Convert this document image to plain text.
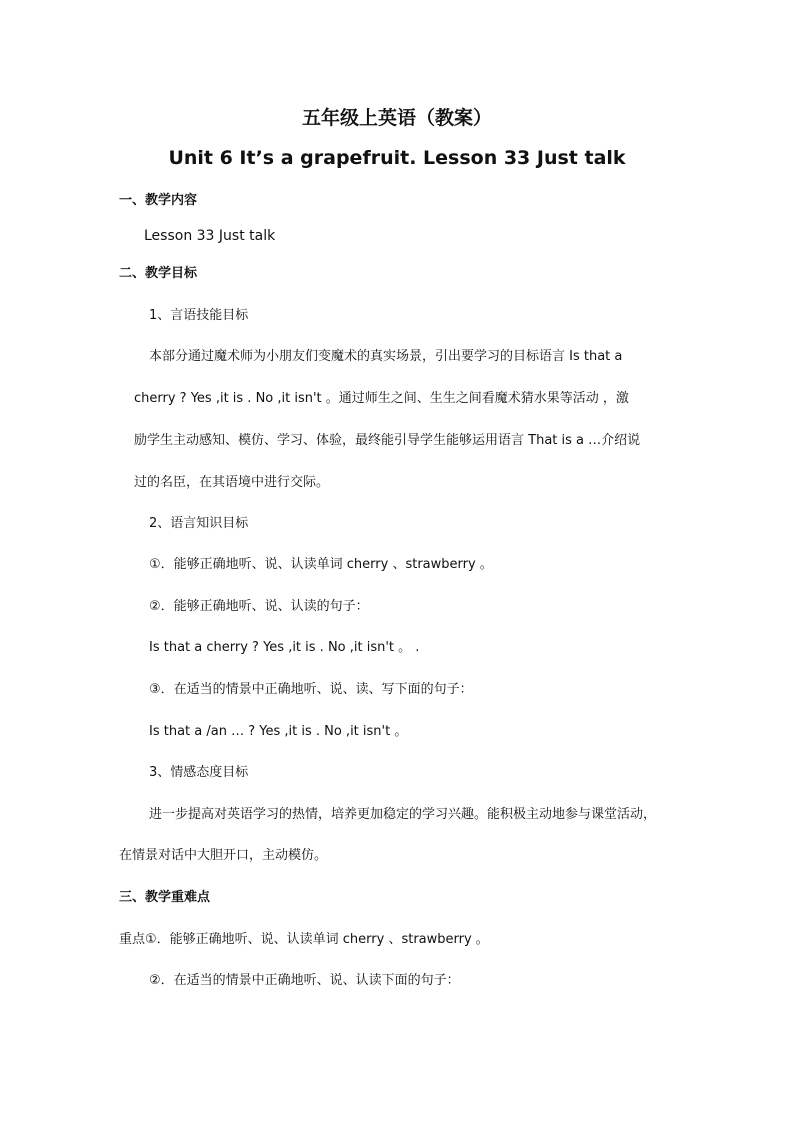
五年级上英语（教案）
Unit 6 It’s a grapefruit. Lesson 33 Just talk
一、教学内容
Lesson 33 Just talk
二、教学目标
1、言语技能目标
本部分通过魔术师为小朋友们变魔术的真实场景，引出要学习的目标语言 Is that a
cherry ? Yes ,it is . No ,it isn't 。通过师生之间、生生之间看魔术猜水果等活动 ，激
励学生主动感知、模仿、学习、体验，最终能引导学生能够运用语言 That is a …介绍说
过的名臣，在其语境中进行交际。
2、语言知识目标
①．能够正确地听、说、认读单词 cherry 、strawberry 。
②．能够正确地听、说、认读的句子：
Is that a cherry ? Yes ,it is . No ,it isn't 。 .
③．在适当的情景中正确地听、说、读、写下面的句子：
Is that a /an … ? Yes ,it is . No ,it isn't 。
3、情感态度目标
进一步提高对英语学习的热情，培养更加稳定的学习兴趣。能积极主动地参与课堂活动，
在情景对话中大胆开口，主动模仿。
三、教学重难点
重点①．能够正确地听、说、认读单词 cherry 、strawberry 。
②．在适当的情景中正确地听、说、认读下面的句子：
